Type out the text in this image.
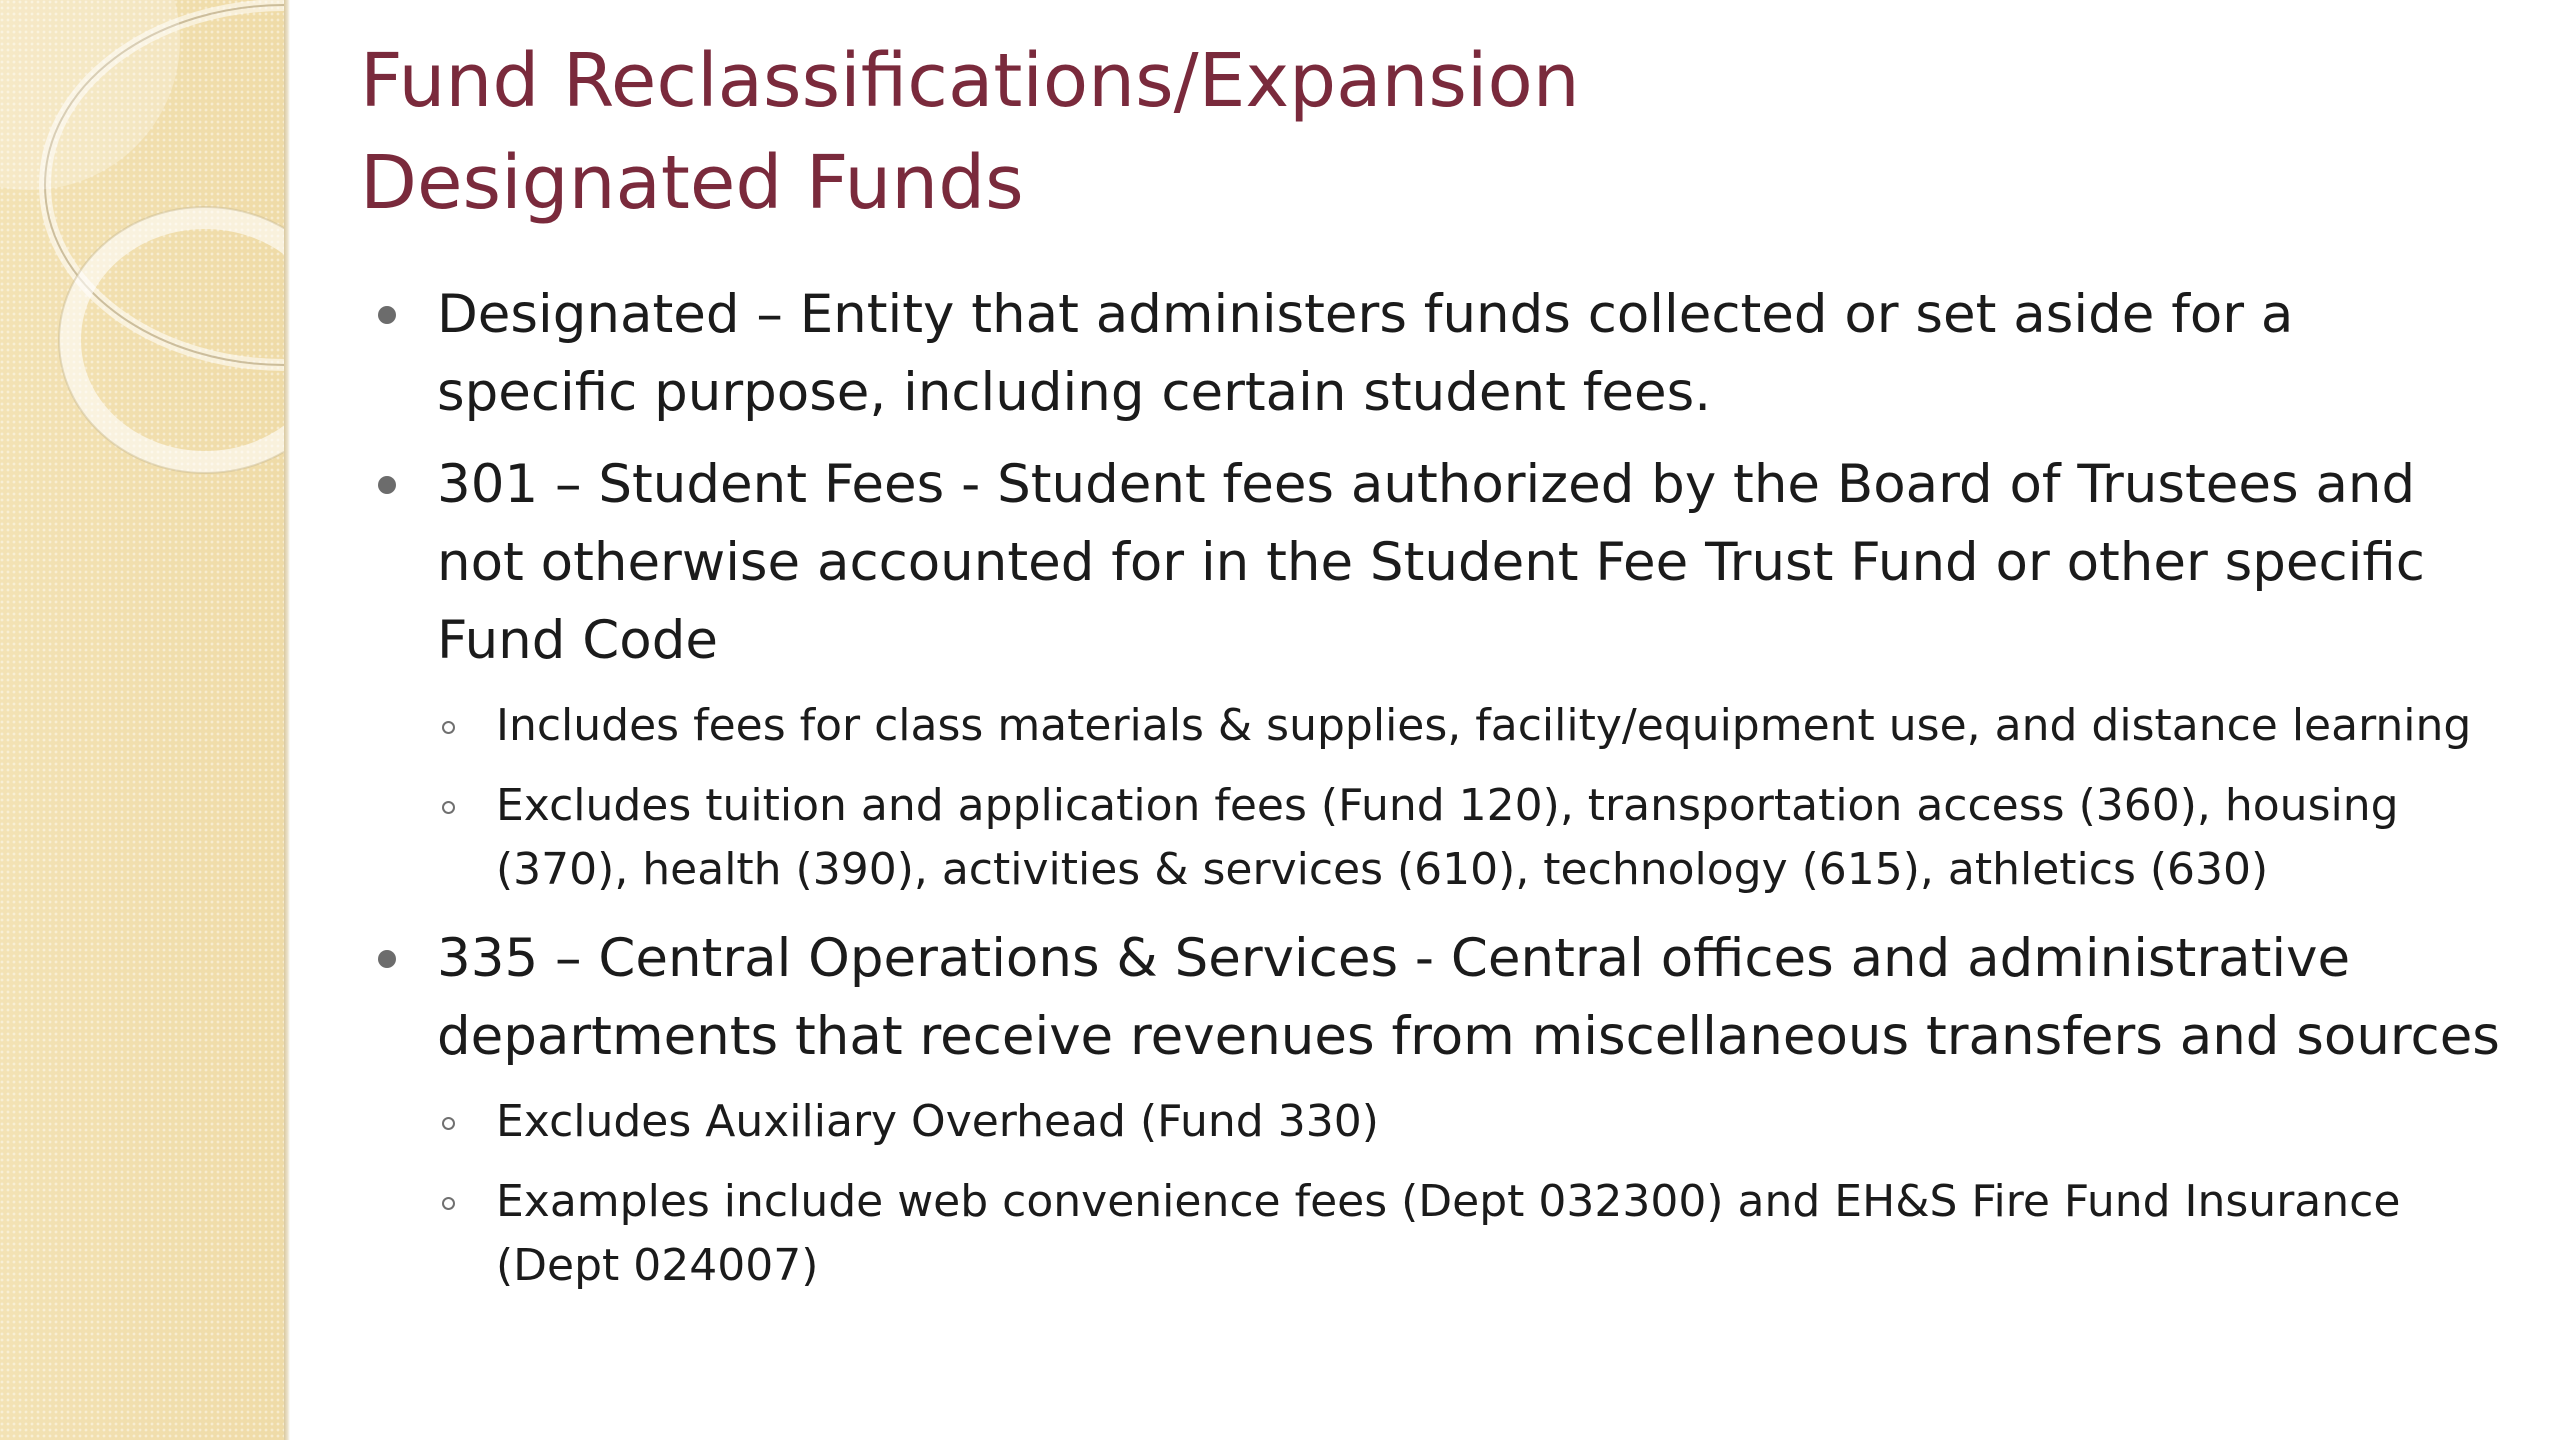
Fund Reclassifications/Expansion
Designated Funds
Designated – Entity that administers funds collected or set aside for a specific purpose, including certain student fees.
301 – Student Fees - Student fees authorized by the Board of Trustees and not otherwise accounted for in the Student Fee Trust Fund or other specific Fund Code
Includes fees for class materials & supplies, facility/equipment use, and distance learning
Excludes tuition and application fees (Fund 120), transportation access (360), housing (370), health (390), activities & services (610), technology (615), athletics (630)
335 – Central Operations & Services - Central offices and administrative departments that receive revenues from miscellaneous transfers and sources
Excludes Auxiliary Overhead (Fund 330)
Examples include web convenience fees (Dept 032300) and EH&S Fire Fund Insurance (Dept 024007)
